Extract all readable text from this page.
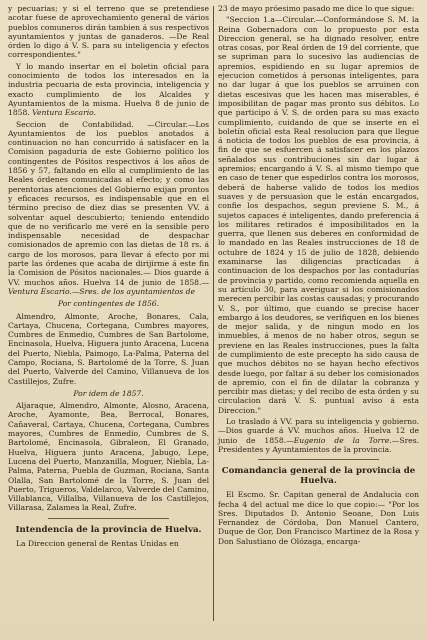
y pecuarias; y si el terreno que se pretendiese acotar fuese de aprovechamiento general de vários pueblos comuneros dirán tambien á sus respectivos ayuntamientos y juntas de ganaderos. —De Real órden lo digo á V. S. para su inteligencia y efectos correspondientes."

Y lo mando insertar en el boletin oficial para conocimiento de todos los interesados en la industria pecuaria de esta provincia, inteligencia y exacto cumplimiento de los Alcaldes y Ayuntamientos de la misma. Huelva 8 de junio de 1858. Ventura Escario.

Seccion de Contabilidad. —Circular.—Los Ayuntamientos de los pueblos anotados á continuacion no han concurrido á satisfacer en la Comision pagaduria de este Gobierno político los contingentes de Pósitos respectivos á los años de 1856 y 57, faltando en ello al cumplimiento de las Reales órdenes comunicadas al efecto; y como las perentorias atenciones del Gobierno exijan prontos y eficaces recursos, es indispensable que en el término preciso de diez dias se presenten VV. á solventar aquel descubierto; teniendo entendido que de no verificarlo me veré en la sensible pero indispensable necesidad de despachar comisionados de apremio con las dietas de 18 rs. á cargo de los morosos, para llevar á efecto por mi parte las órdenes que acaba de dirijirme á este fin la Comision de Pósitos nacionales.— Dios guarde á VV. muchos años. Huelva 14 de junio de 1858.—Ventura Escario.—Sres. de los ayuntamientos de

Por contingentes de 1856.

Almendro, Almonte, Aroche, Bonares, Cala, Cartaya, Chucena, Cortegana, Cumbres mayores, Cumbres de Enmedio, Cumbres de San Bartolome, Encinasola, Huelva, Higuera junto Aracena, Lucena del Puerto, Niebla, Paimogo, La-Palma, Paterna del Campo, Rociana, S. Bartolomé de la Torre, S. Juan del Puerto, Valverde del Camino, Villanueva de los Castillejos, Zufre.

Por idem de 1857.

Aljaraque, Almendro, Almonte, Alosno, Aracena, Aroche, Ayamonte, Bea, Berrocal, Bonares, Cañaveral, Cartaya, Chucena, Cortegana, Cumbres mayores, Cumbres de Enmedio, Cumbres de S. Bartolomé, Encinasola, Gibraleon, El Granado, Huelva, Higuera junto Aracena, Jabugo, Lepe, Lucena del Puerto, Manzanilla, Moguer, Niebla, La-Palma, Paterna, Puebla de Guzman, Rociana, Santa Olalla, San Bartolomé de la Torre, S. Juan del Puerto, Trigueros, Valdelarco, Valverde del Camino, Villablanca, Villalba, Villanueva de los Castillejos, Villarasa, Zalamea la Real, Zufre.

Intendencia de la provincia de Huelva.

La Direccion general de Rentas Unidas en

23 de mayo próesimo pasado me dice lo que sigue:

"Seccion 1.a—Circular.—Conformándose S. M. la Reina Gobernadora con lo propuesto por esta Direccion general, se ha dignado resolver, entre otras cosas, por Real órden de 19 del corriente, que se supriman para lo sucesivo las audiencias de apremios, espidiendo en su lugar apremios de ejecucion cometidos á personas inteligentes, para no dar lugar á que los pueblos se arruinen con dietas escesivas que les hacen mas miserables, é imposibilitan de pagar mas pronto sus débitos. Lo que participo á V. S. de orden para su mas exacto cumplimiento, cuidando de que se inserte en el boletín oficial esta Real resolucion para que llegue á noticia de todos los pueblos de esa provincia, á fin de que se esfuercen á satisfacer en los plazos señalados sus contribuciones sin dar lugar á apremios; encargando á V. S. al mismo tiempo que en caso de tener que espedirlos contra los morosos, deberá de haberse valido de todos los medios suaves y de persuasion que le están encargados, confie los despachos, segun previene S. M., á sujetos capaces é inteligentes, dando preferencia á los militares retirados é imposibilitados en la guerra, que llenen sus deberes en conformidad de lo mandado en las Reales instrucciones de 18 de octubre de 1824 y 15 de julio de 1828, debiendo examinarse las diligencias practicadas á continuacion de los despachos por las contadurías de provincia y partido, como recomienda aquella en su artículo 30, para averiguar si los comisionados merecen percibir las costas causadas; y procurando V. S., por último, que cuando se precise hacer embargo á los deudores, se verifiquen en los bienes de mejor salida, y de ningun modo en los inmuebles, á menos de no haber otros, segun se previene en las Reales instrucciones, pues la falta de cumplimiento de este precepto ha sido causa de que muchos débitos no se hayan hecho efectivos desde luego, por faltar á su deber los comisionados de apremio, con el fin de dilatar la cobranza y percibir mas dietas; y del recibo de esta órden y su circulacion dará V. S. puntual aviso á esta Direccion."

Lo traslado á VV. para su inteligencia y gobierno.—Dios guarde á VV. muchos años. Huelva 12 de junio de 1858.—Eugenio de la Torre.—Sres. Presidentes y Ayuntamientos de la provincia.

Comandancia general de la provincia de Huelva.

El Escmo. Sr. Capitan general de Andalucia con fecha 4 del actual me dice lo que copio:— "Por los Sres. Diputados D. Antonio Seoane, Don Luis Fernandez de Córdoba, Don Manuel Cantero, Duque de Gor, Don Francisco Martinez de la Rosa y Don Salustiano de Olózaga, encarga-
